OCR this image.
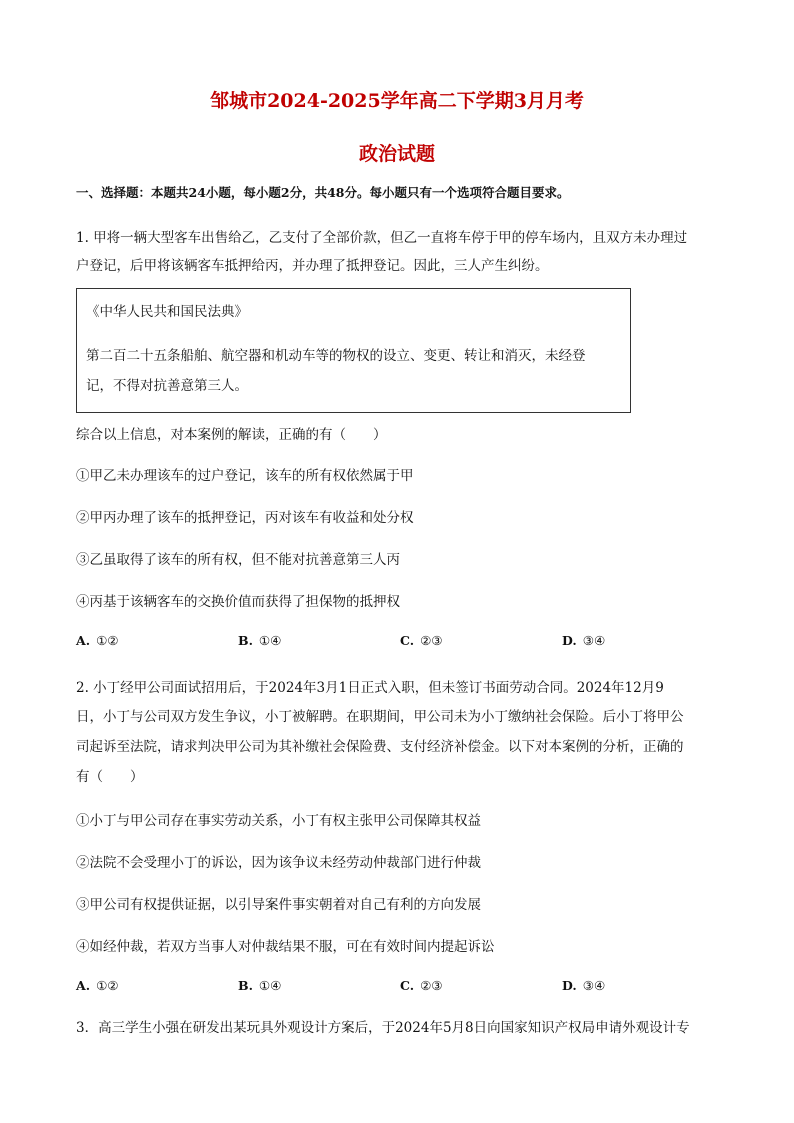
邹城市2024-2025学年高二下学期3月月考
政治试题
一、选择题：本题共24小题，每小题2分，共48分。每小题只有一个选项符合题目要求。
1. 甲将一辆大型客车出售给乙，乙支付了全部价款，但乙一直将车停于甲的停车场内，且双方未办理过
户登记，后甲将该辆客车抵押给丙，并办理了抵押登记。因此，三人产生纠纷。
《中华人民共和国民法典》
第二百二十五条船舶、航空器和机动车等的物权的设立、变更、转让和消灭，未经登
记，不得对抗善意第三人。
综合以上信息，对本案例的解读，正确的有（　　）
①甲乙未办理该车的过户登记，该车的所有权依然属于甲
②甲丙办理了该车的抵押登记，丙对该车有收益和处分权
③乙虽取得了该车的所有权，但不能对抗善意第三人丙
④丙基于该辆客车的交换价值而获得了担保物的抵押权
A. ①②	B. ①④	C. ②③	D. ③④
2. 小丁经甲公司面试招用后，于2024年3月1日正式入职，但未签订书面劳动合同。2024年12月9
日，小丁与公司双方发生争议，小丁被解聘。在职期间，甲公司未为小丁缴纳社会保险。后小丁将甲公
司起诉至法院，请求判决甲公司为其补缴社会保险费、支付经济补偿金。以下对本案例的分析，正确的
有（　　）
①小丁与甲公司存在事实劳动关系，小丁有权主张甲公司保障其权益
②法院不会受理小丁的诉讼，因为该争议未经劳动仲裁部门进行仲裁
③甲公司有权提供证据，以引导案件事实朝着对自己有利的方向发展
④如经仲裁，若双方当事人对仲裁结果不服，可在有效时间内提起诉讼
A. ①②	B. ①④	C. ②③	D. ③④
3．高三学生小强在研发出某玩具外观设计方案后，于2024年5月8日向国家知识产权局申请外观设计专
